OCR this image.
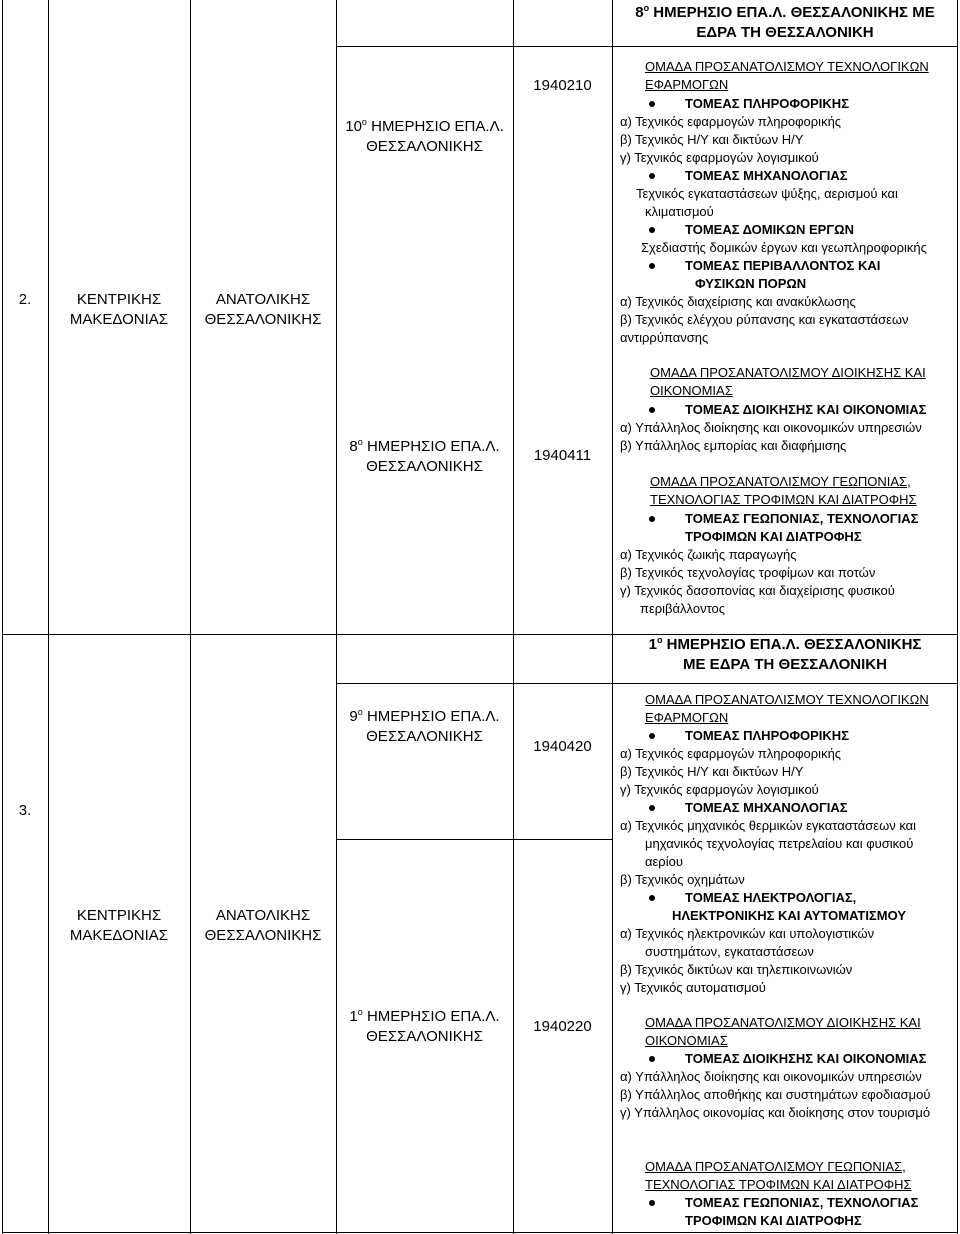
$8^o$ ΗΜΕΡΗΣΙΟ ΕΠΑ.Λ. ΘΕΣΣΑΛΟΝΙΚΗΣ ΜΕ
ΕΔΡΑ ΤΗ ΘΕΣΣΑΛΟΝΙΚΗ
2.	ΚΕΝΤΡΙΚΗΣ
ΜΑΚΕΔΟΝΙΑΣ
ΑΝΑΤΟΛΙΚΗΣ
ΘΕΣΣΑΛΟΝΙΚΗΣ
$10^o$ ΗΜΕΡΗΣΙΟ ΕΠΑ.Λ.
ΘΕΣΣΑΛΟΝΙΚΗΣ
1940210
$8^o$ ΗΜΕΡΗΣΙΟ ΕΠΑ.Λ.
ΘΕΣΣΑΛΟΝΙΚΗΣ
1940411
ΟΜΑΔΑ ΠΡΟΣΑΝΑΤΟΛΙΣΜΟΥ ΤΕΧΝΟΛΟΓΙΚΩΝ
ΕΦΑΡΜΟΓΩΝ
ΤΟΜΕΑΣ ΠΛΗΡΟΦΟΡΙΚΗΣ
α) Τεχνικός εφαρμογών πληροφορικής
β) Τεχνικός Η/Υ και δικτύων Η/Υ
γ) Τεχνικός εφαρμογών λογισμικού
ΤΟΜΕΑΣ ΜΗΧΑΝΟΛΟΓΙΑΣ
Τεχνικός εγκαταστάσεων ψύξης, αερισμού και
κλιματισμού
ΤΟΜΕΑΣ ΔΟΜΙΚΩΝ ΕΡΓΩΝ
Σχεδιαστής δομικών έργων και γεωπληροφορικής
ΤΟΜΕΑΣ ΠΕΡΙΒΑΛΛΟΝΤΟΣ ΚΑΙ
ΦΥΣΙΚΩΝ ΠΟΡΩΝ
α) Τεχνικός διαχείρισης και ανακύκλωσης
β) Τεχνικός ελέγχου ρύπανσης και εγκαταστάσεων
αντιρρύπανσης
ΟΜΑΔΑ ΠΡΟΣΑΝΑΤΟΛΙΣΜΟΥ ΔΙΟΙΚΗΣΗΣ ΚΑΙ
ΟΙΚΟΝΟΜΙΑΣ
ΤΟΜΕΑΣ ΔΙΟΙΚΗΣΗΣ ΚΑΙ ΟΙΚΟΝΟΜΙΑΣ
α) Υπάλληλος διοίκησης και οικονομικών υπηρεσιών
β) Υπάλληλος εμπορίας και διαφήμισης
ΟΜΑΔΑ ΠΡΟΣΑΝΑΤΟΛΙΣΜΟΥ ΓΕΩΠΟΝΙΑΣ,
ΤΕΧΝΟΛΟΓΙΑΣ ΤΡΟΦΙΜΩΝ ΚΑΙ ΔΙΑΤΡΟΦΗΣ
ΤΟΜΕΑΣ ΓΕΩΠΟΝΙΑΣ, ΤΕΧΝΟΛΟΓΙΑΣ
ΤΡΟΦΙΜΩΝ ΚΑΙ ΔΙΑΤΡΟΦΗΣ
α) Τεχνικός ζωικής παραγωγής
β) Τεχνικός τεχνολογίας τροφίμων και ποτών
γ) Τεχνικός δασοπονίας και διαχείρισης φυσικού
περιβάλλοντος
$1^o$ ΗΜΕΡΗΣΙΟ ΕΠΑ.Λ. ΘΕΣΣΑΛΟΝΙΚΗΣ
ΜΕ ΕΔΡΑ ΤΗ ΘΕΣΣΑΛΟΝΙΚΗ
3.
ΚΕΝΤΡΙΚΗΣ
ΜΑΚΕΔΟΝΙΑΣ
ΑΝΑΤΟΛΙΚΗΣ
ΘΕΣΣΑΛΟΝΙΚΗΣ
$9^o$ ΗΜΕΡΗΣΙΟ ΕΠΑ.Λ.
ΘΕΣΣΑΛΟΝΙΚΗΣ
1940420
$1^o$ ΗΜΕΡΗΣΙΟ ΕΠΑ.Λ.
ΘΕΣΣΑΛΟΝΙΚΗΣ
1940220
ΟΜΑΔΑ ΠΡΟΣΑΝΑΤΟΛΙΣΜΟΥ ΤΕΧΝΟΛΟΓΙΚΩΝ
ΕΦΑΡΜΟΓΩΝ
ΤΟΜΕΑΣ ΠΛΗΡΟΦΟΡΙΚΗΣ
α) Τεχνικός εφαρμογών πληροφορικής
β) Τεχνικός Η/Υ και δικτύων Η/Υ
γ) Τεχνικός εφαρμογών λογισμικού
ΤΟΜΕΑΣ ΜΗΧΑΝΟΛΟΓΙΑΣ
α) Τεχνικός μηχανικός θερμικών εγκαταστάσεων και
μηχανικός τεχνολογίας πετρελαίου και φυσικού
αερίου
β) Τεχνικός οχημάτων
ΤΟΜΕΑΣ ΗΛΕΚΤΡΟΛΟΓΙΑΣ,
ΗΛΕΚΤΡΟΝΙΚΗΣ ΚΑΙ ΑΥΤΟΜΑΤΙΣΜΟΥ
α) Τεχνικός ηλεκτρονικών και υπολογιστικών
συστημάτων, εγκαταστάσεων
β) Τεχνικός δικτύων και τηλεπικοινωνιών
γ) Τεχνικός αυτοματισμού
ΟΜΑΔΑ ΠΡΟΣΑΝΑΤΟΛΙΣΜΟΥ ΔΙΟΙΚΗΣΗΣ ΚΑΙ
ΟΙΚΟΝΟΜΙΑΣ
ΤΟΜΕΑΣ ΔΙΟΙΚΗΣΗΣ ΚΑΙ ΟΙΚΟΝΟΜΙΑΣ
α) Υπάλληλος διοίκησης και οικονομικών υπηρεσιών
β) Υπάλληλος αποθήκης και συστημάτων εφοδιασμού
γ) Υπάλληλος οικονομίας και διοίκησης στον τουρισμό
ΟΜΑΔΑ ΠΡΟΣΑΝΑΤΟΛΙΣΜΟΥ ΓΕΩΠΟΝΙΑΣ,
ΤΕΧΝΟΛΟΓΙΑΣ ΤΡΟΦΙΜΩΝ ΚΑΙ ΔΙΑΤΡΟΦΗΣ
ΤΟΜΕΑΣ ΓΕΩΠΟΝΙΑΣ, ΤΕΧΝΟΛΟΓΙΑΣ
ΤΡΟΦΙΜΩΝ ΚΑΙ ΔΙΑΤΡΟΦΗΣ
